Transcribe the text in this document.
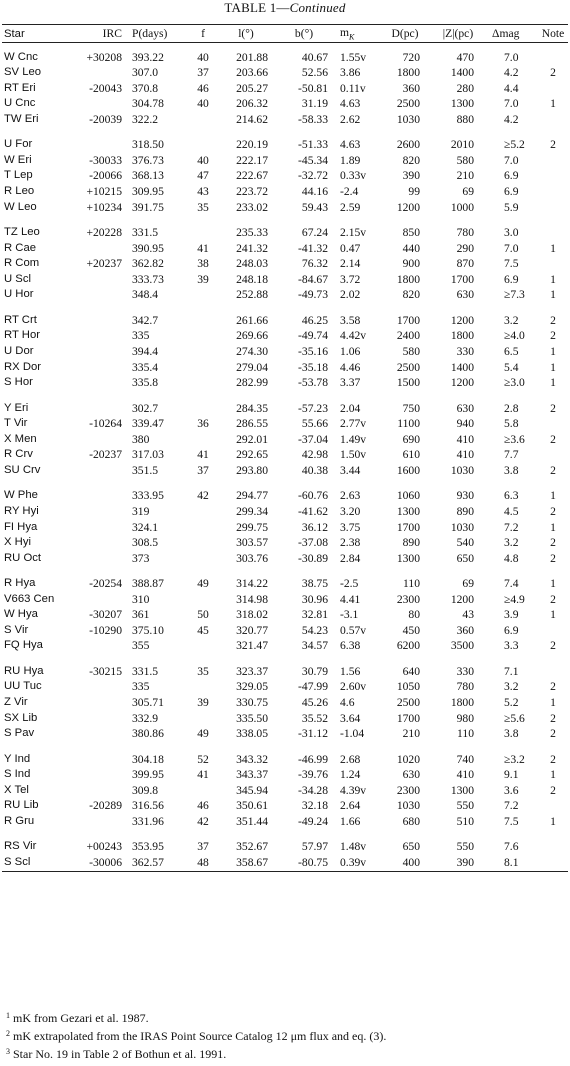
TABLE 1—Continued
Star	IRC	P(days)	f	l(°)	b(°)	$m_K$	D(pc)	|Z|(pc)	Δmag	Note

W Cnc	+30208	393.22	40	201.88	40.67	1.55v	720	470	7.0	
SV Leo		307.0	37	203.66	52.56	3.86	1800	1400	4.2	2
RT Eri	-20043	370.8	46	205.27	-50.81	0.11v	360	280	4.4	
U Cnc		304.78	40	206.32	31.19	4.63	2500	1300	7.0	1
TW Eri	-20039	322.2		214.62	-58.33	2.62	1030	880	4.2	

U For		318.50		220.19	-51.33	4.63	2600	2010	≥5.2	2
W Eri	-30033	376.73	40	222.17	-45.34	1.89	820	580	7.0	
T Lep	-20066	368.13	47	222.67	-32.72	0.33v	390	210	6.9	
R Leo	+10215	309.95	43	223.72	44.16	-2.4	99	69	6.9	
W Leo	+10234	391.75	35	233.02	59.43	2.59	1200	1000	5.9	

TZ Leo	+20228	331.5		235.33	67.24	2.15v	850	780	3.0	
R Cae		390.95	41	241.32	-41.32	0.47	440	290	7.0	1
R Com	+20237	362.82	38	248.03	76.32	2.14	900	870	7.5	
U Scl		333.73	39	248.18	-84.67	3.72	1800	1700	6.9	1
U Hor		348.4		252.88	-49.73	2.02	820	630	≥7.3	1

RT Crt		342.7		261.66	46.25	3.58	1700	1200	3.2	2
RT Hor		335		269.66	-49.74	4.42v	2400	1800	≥4.0	2
U Dor		394.4		274.30	-35.16	1.06	580	330	6.5	1
RX Dor		335.4		279.04	-35.18	4.46	2500	1400	5.4	1
S Hor		335.8		282.99	-53.78	3.37	1500	1200	≥3.0	1

Y Eri		302.7		284.35	-57.23	2.04	750	630	2.8	2
T Vir	-10264	339.47	36	286.55	55.66	2.77v	1100	940	5.8	
X Men		380		292.01	-37.04	1.49v	690	410	≥3.6	2
R Crv	-20237	317.03	41	292.65	42.98	1.50v	610	410	7.7	
SU Crv		351.5	37	293.80	40.38	3.44	1600	1030	3.8	2

W Phe		333.95	42	294.77	-60.76	2.63	1060	930	6.3	1
RY Hyi		319		299.34	-41.62	3.20	1300	890	4.5	2
FI Hya		324.1		299.75	36.12	3.75	1700	1030	7.2	1
X Hyi		308.5		303.57	-37.08	2.38	890	540	3.2	2
RU Oct		373		303.76	-30.89	2.84	1300	650	4.8	2

R Hya	-20254	388.87	49	314.22	38.75	-2.5	110	69	7.4	1
V663 Cen		310		314.98	30.96	4.41	2300	1200	≥4.9	2
W Hya	-30207	361	50	318.02	32.81	-3.1	80	43	3.9	1
S Vir	-10290	375.10	45	320.77	54.23	0.57v	450	360	6.9	
FQ Hya		355		321.47	34.57	6.38	6200	3500	3.3	2

RU Hya	-30215	331.5	35	323.37	30.79	1.56	640	330	7.1	
UU Tuc		335		329.05	-47.99	2.60v	1050	780	3.2	2
Z Vir		305.71	39	330.75	45.26	4.6	2500	1800	5.2	1
SX Lib		332.9		335.50	35.52	3.64	1700	980	≥5.6	2
S Pav		380.86	49	338.05	-31.12	-1.04	210	110	3.8	2

Y Ind		304.18	52	343.32	-46.99	2.68	1020	740	≥3.2	2
S Ind		399.95	41	343.37	-39.76	1.24	630	410	9.1	1
X Tel		309.8		345.94	-34.28	4.39v	2300	1300	3.6	2
RU Lib	-20289	316.56	46	350.61	32.18	2.64	1030	550	7.2	
R Gru		331.96	42	351.44	-49.24	1.66	680	510	7.5	1

RS Vir	+00243	353.95	37	352.67	57.97	1.48v	650	550	7.6	
S Scl	-30006	362.57	48	358.67	-80.75	0.39v	400	390	8.1	

$^1$ mK from Gezari et al. 1987.

$^2$ mK extrapolated from the IRAS Point Source Catalog 12 μm flux and eq. (3).

$^3$ Star No. 19 in Table 2 of Bothun et al. 1991.
